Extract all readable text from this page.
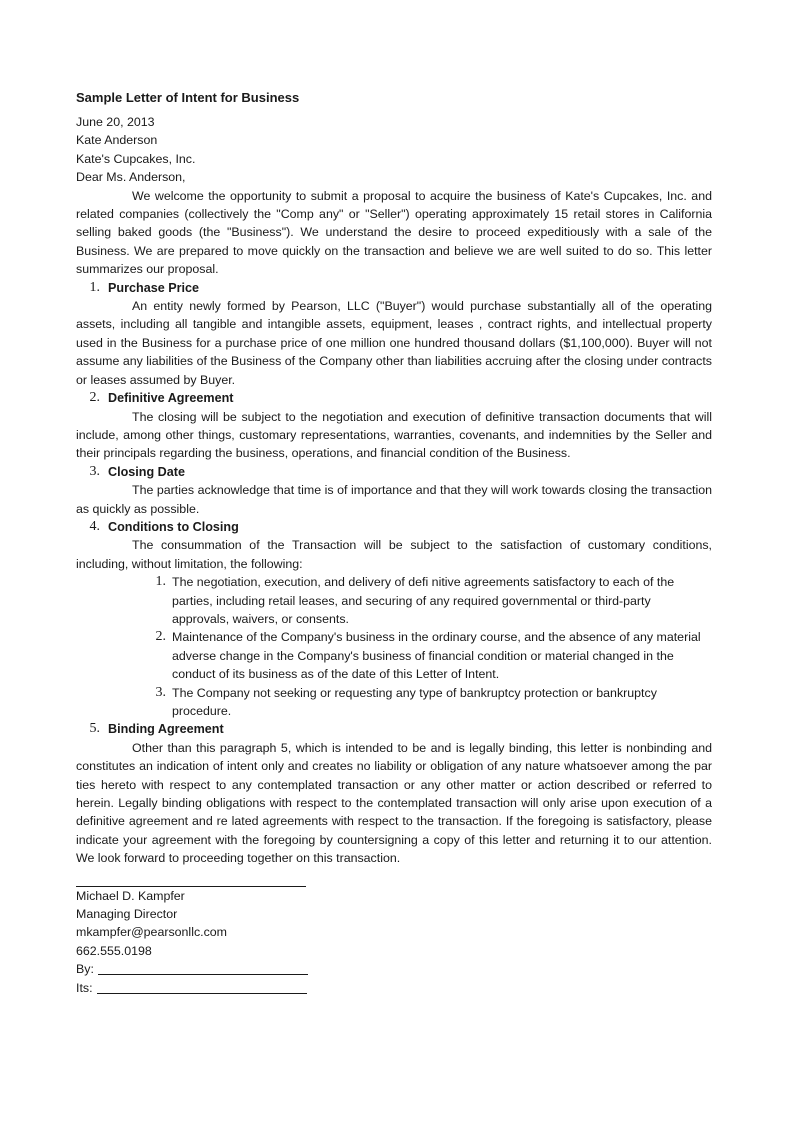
Sample Letter of Intent for Business

June 20, 2013

Kate Anderson

Kate's Cupcakes, Inc.

Dear Ms. Anderson,

We welcome the opportunity to submit a proposal to acquire the business of Kate's Cupcakes, Inc. and related companies (collectively the "Comp any" or "Seller") operating approximately 15 retail stores in California selling baked goods (the "Business"). We understand the desire to proceed expeditiously with a sale of the Business. We are prepared to move quickly on the transaction and believe we are well suited to do so. This letter summarizes our proposal.

1 . Purchase Price

An entity newly formed by Pearson, LLC ("Buyer") would purchase substantially all of the operating assets, including all tangible and intangible assets, equipment, leases , contract rights, and intellectual property used in the Business for a purchase price of one million one hundred thousand dollars ($1,100,000). Buyer will not assume any liabilities of the Business of the Company other than liabilities accruing after the closing under contracts or leases assumed by Buyer.

2 . Definitive Agreement

The closing will be subject to the negotiation and execution of definitive transaction documents that will include, among other things, customary representations, warranties, covenants, and indemnities by the Seller and their principals regarding the business, operations, and financial condition of the Business.

3 . Closing Date

The parties acknowledge that time is of importance and that they will work towards closing the transaction as quickly as possible.

4 . Conditions to Closing

The consummation of the Transaction will be subject to the satisfaction of customary conditions, including, without limitation, the following:

1 . The negotiation, execution, and delivery of defi nitive agreements satisfactory to each of the parties, including retail leases, and securing of any required governmental or third-party approvals, waivers, or consents.
2 . Maintenance of the Company's business in the ordinary course, and the absence of any material adverse change in the Company's business of financial condition or material changed in the conduct of its business as of the date of this Letter of Intent.
3 . The Company not seeking or requesting any type of bankruptcy protection or bankruptcy procedure.
5 . Binding Agreement

Other than this paragraph 5, which is intended to be and is legally binding, this letter is nonbinding and constitutes an indication of intent only and creates no liability or obligation of any nature whatsoever among the par ties hereto with respect to any contemplated transaction or any other matter or action described or referred to herein. Legally binding obligations with respect to the contemplated transaction will only arise upon execution of a definitive agreement and re lated agreements with respect to the transaction. If the foregoing is satisfactory, please indicate your agreement with the foregoing by countersigning a copy of this letter and returning it to our attention. We look forward to proceeding together on this transaction.

Michael D. Kampfer

Managing Director

mkampfer@pearsonllc.com

662.555.0198

By:
Its:
